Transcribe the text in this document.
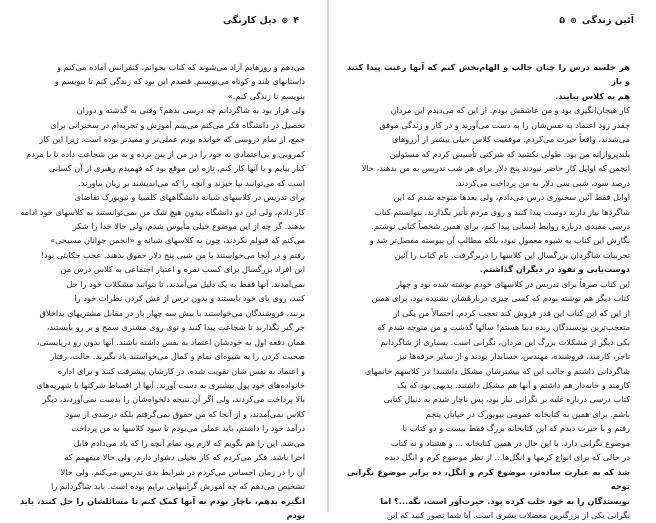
۴
⊛
دیل کارنگی

می‌دهم و روزهایم آزاد می‌شوند که کتاب بخوانم، کنفرانس آماده می‌کنم و

داستانهای بلند و کوتاه می‌نویسم. قصدم این بود که زندگی کنم تا بنویسم و

بنویسم تا زندگی کنم.»

ولی قرار بود به شاگردانم چه درسی بدهم؟ وقتی به گذشته و دوران

تحصیل در دانشگاه فکر می‌کنم می‌بینم آموزش و تجربه‌ام در سخنرانی برای

جمع، از تمام دروسی که خوانده بودم عملی‌تر و مفیدتر بوده است، زیرا این کار

کمرویی و بی‌اعتمادی به خود را در من از بین برده و به من شجاعت داده تا با مردم

کنار بیایم و با آنها کار کنم. تازه این موقع بود که فهمیدم رهبری از آن کسانی

است که می‌توانند بپا خیزند و آنچه را که می‌اندیشند بر زبان بیاورند.

برای تدریس در کلاسهای شبانه دانشگاههای کلمبیا و نیویورک تقاضای

کار دادم، ولی این دو دانشگاه بیدون هیچ شک من نمی‌توانستند به کلاسهای خود ادامه

بدهند. گر چه از این موضوع خیلی مأیوس شدم، ولی حالا خدا را شکر

می‌کنم که قبولم نکردند، چون به کلاسهای شبانه و «انجمن جوانان مسیحی»

رفتم و در آنجا می‌خواستند با من شبی پنج دلار حقوق بدهند. عجب حکایتی بود!

این افراد بزرگسال برای کسب نمره و اعتبار اجتماعی به کلاس درس من

نمی‌آمدند. آنها فقط به یک دلیل می‌آمدند، تا بتوانند مشکلات خود را حل

کنند، روی پای خود بایستند و بدون ترس از غش کردن نظرات خود را

بزنند. فروشندگان می‌خواستند با بیش سه چهار بار در مقابل مشتریهای بداخلاق

جر گیر بگذارند تا شجاعت پیدا کنند و توی روی مشتری سمج و بر رو بایستند،

همان دفعه اول به خودشان اعتماد به نفس داشته باشند. آنها بدون رو دربایستی،

صحبت کردن را به شیوه‌ای تمام و کمال می‌خواستند یاد بگیرند. حالت، رفتار

و اعتماد به نفس شان تقویت شده، در کارشان پیشرفت کنند و برای اداره

خانواده‌های خود پول بیشتری به دست آورند. آنها از اقساط شرکتها یا شهریه‌های

بالا پرداخت می‌کردند، ولی اگر آن نتیجه دلخواه‌شان را بدست نمی‌آوردند، دیگر

کلاس نمی‌آمدند، و از آنجا که من حقوق نمی‌گرفتم بلکه درصدی از سود

درآمد خود را داشتم، باید عملی می‌بودم تا سود کلاسها به من پرداخت

می‌شد. این را هم بگویم که لازم بود تمام آنچه را که یاد می‌دادم قابل

اجرا باشد. فکر می‌کردم که کار نخیلی دشوار دارم، ولی حالا میفهمم که

آن را در زمان احساس می‌کردم در شرایط بدی تدریس می‌کنم، ولی حالا

تشخیص می‌دهم که چه آموزش گرانبهایی برایم بوده است. باید شاگردانم را

انگیزه بدهم، ناچار بودم به آنها کمک کنم تا مسائلشان را حل کنند، باید بودم

آئین زندگی
⊛
۵

هر جلسه درس را چنان جالب و الهام‌بخش کنم که آنها رغبت پیدا کنند و باز

هم به کلاس بیایند.

کار هیجان‌انگیزی بود و من عاشقش بودم. از این که می‌دیدم این مردان

چقدر زود اعتماد به نفس‌شان را به دست می‌آورند و در کار و زندگی موفق

می‌شدند، واقعاً حیرت می‌کردم. موفقیت کلاس خیلی بیشتر از آرزوهای

بلندپروازانه من بود. طولی نکشید که شرکتی تأسیس کردم که مسئولین

انجمن که اوایل کار حاضر نبودند پنج دلار برای هر شب تدریس به من بدهند، حالا

درصد سود، شبی سی دلار به من پرداخت می‌کردند.

اوایل فقط آئین سخنوری درس می‌دادم، ولی بعدها متوجه شدم که این

شاگردها نیاز دارند دوست پیدا کنند و روی مردم تأثیر بگذارند. نتوانستم کتاب

درسی مفیدی درباره روابط انسانی پیدا کنم، برای همین شخصاً کتابی نوشتم.

نگارش این کتاب به شیوه معمول نبود، بلکه مطالب آن پیوسته مفصل‌تر شد و

تجربیات شاگردان بزرگسال این کلاسها را دربرگرفت. نام کتاب را آئین

دوست‌یابی و نفوذ در دیگران گذاشتم.

این کتاب صرفاً برای تدریس در کلاسهای خودم نوشته شده بود و چهار

کتاب دیگر هم نوشته بودم که کسی چیزی دربارهٔشان نشنیده بود، برای همین

از این که این کتاب این قدر فروش کند تعجب کردم. احتمالاً من یکی از

متعجب‌ترین نویسندگان زنده دنیا هستم! سالها گذشت و من متوجه شدم که

یکی دیگر از مشکلات بزرگ این مردان، نگرانی است. بسیاری از شاگردانم

تاجر، کارمند، فروشنده، مهندس، حسابدار بودند و از سایر حرفه‌ها نیز

شاگردانی داشتم و جالب این که بیشترشان مشکل داشتند! در کلاسهم خانمهای

کارمند و خانه‌دار هم داشتم و آنها هم مشکل داشتند. بدیهی بود که یک

کتاب درسی درباره غلبه بر نگرانی نیاز بود، پس ناچار شدم به دنبال کتابی

باشم. برای همین به کتابخانه عمومی نیویورک در خیابان پنجم

رفتم و با حیرت دیدم که این کتابخانه بزرگ فقط بیست و دو کتاب با

موضوع نگرانی دارد. با این حال در همین کتابخانه ... و هشتاد و نه کتاب

در حالی که برای انواع کرمها و انگل‌ها... از نظر موضوع کرم و انگل دیده

شد که به عبارت ساده‌تر، موضوع کرم و انگل، ده برابر موضوع نگرانی توجه

نویسندگان را به خود جلب کرده بود. حیرت‌آور است، نگه...؟ اما

نگرانی یکی از بزرگترین معضلات بشری است. آیا شما تصور کنید که این
